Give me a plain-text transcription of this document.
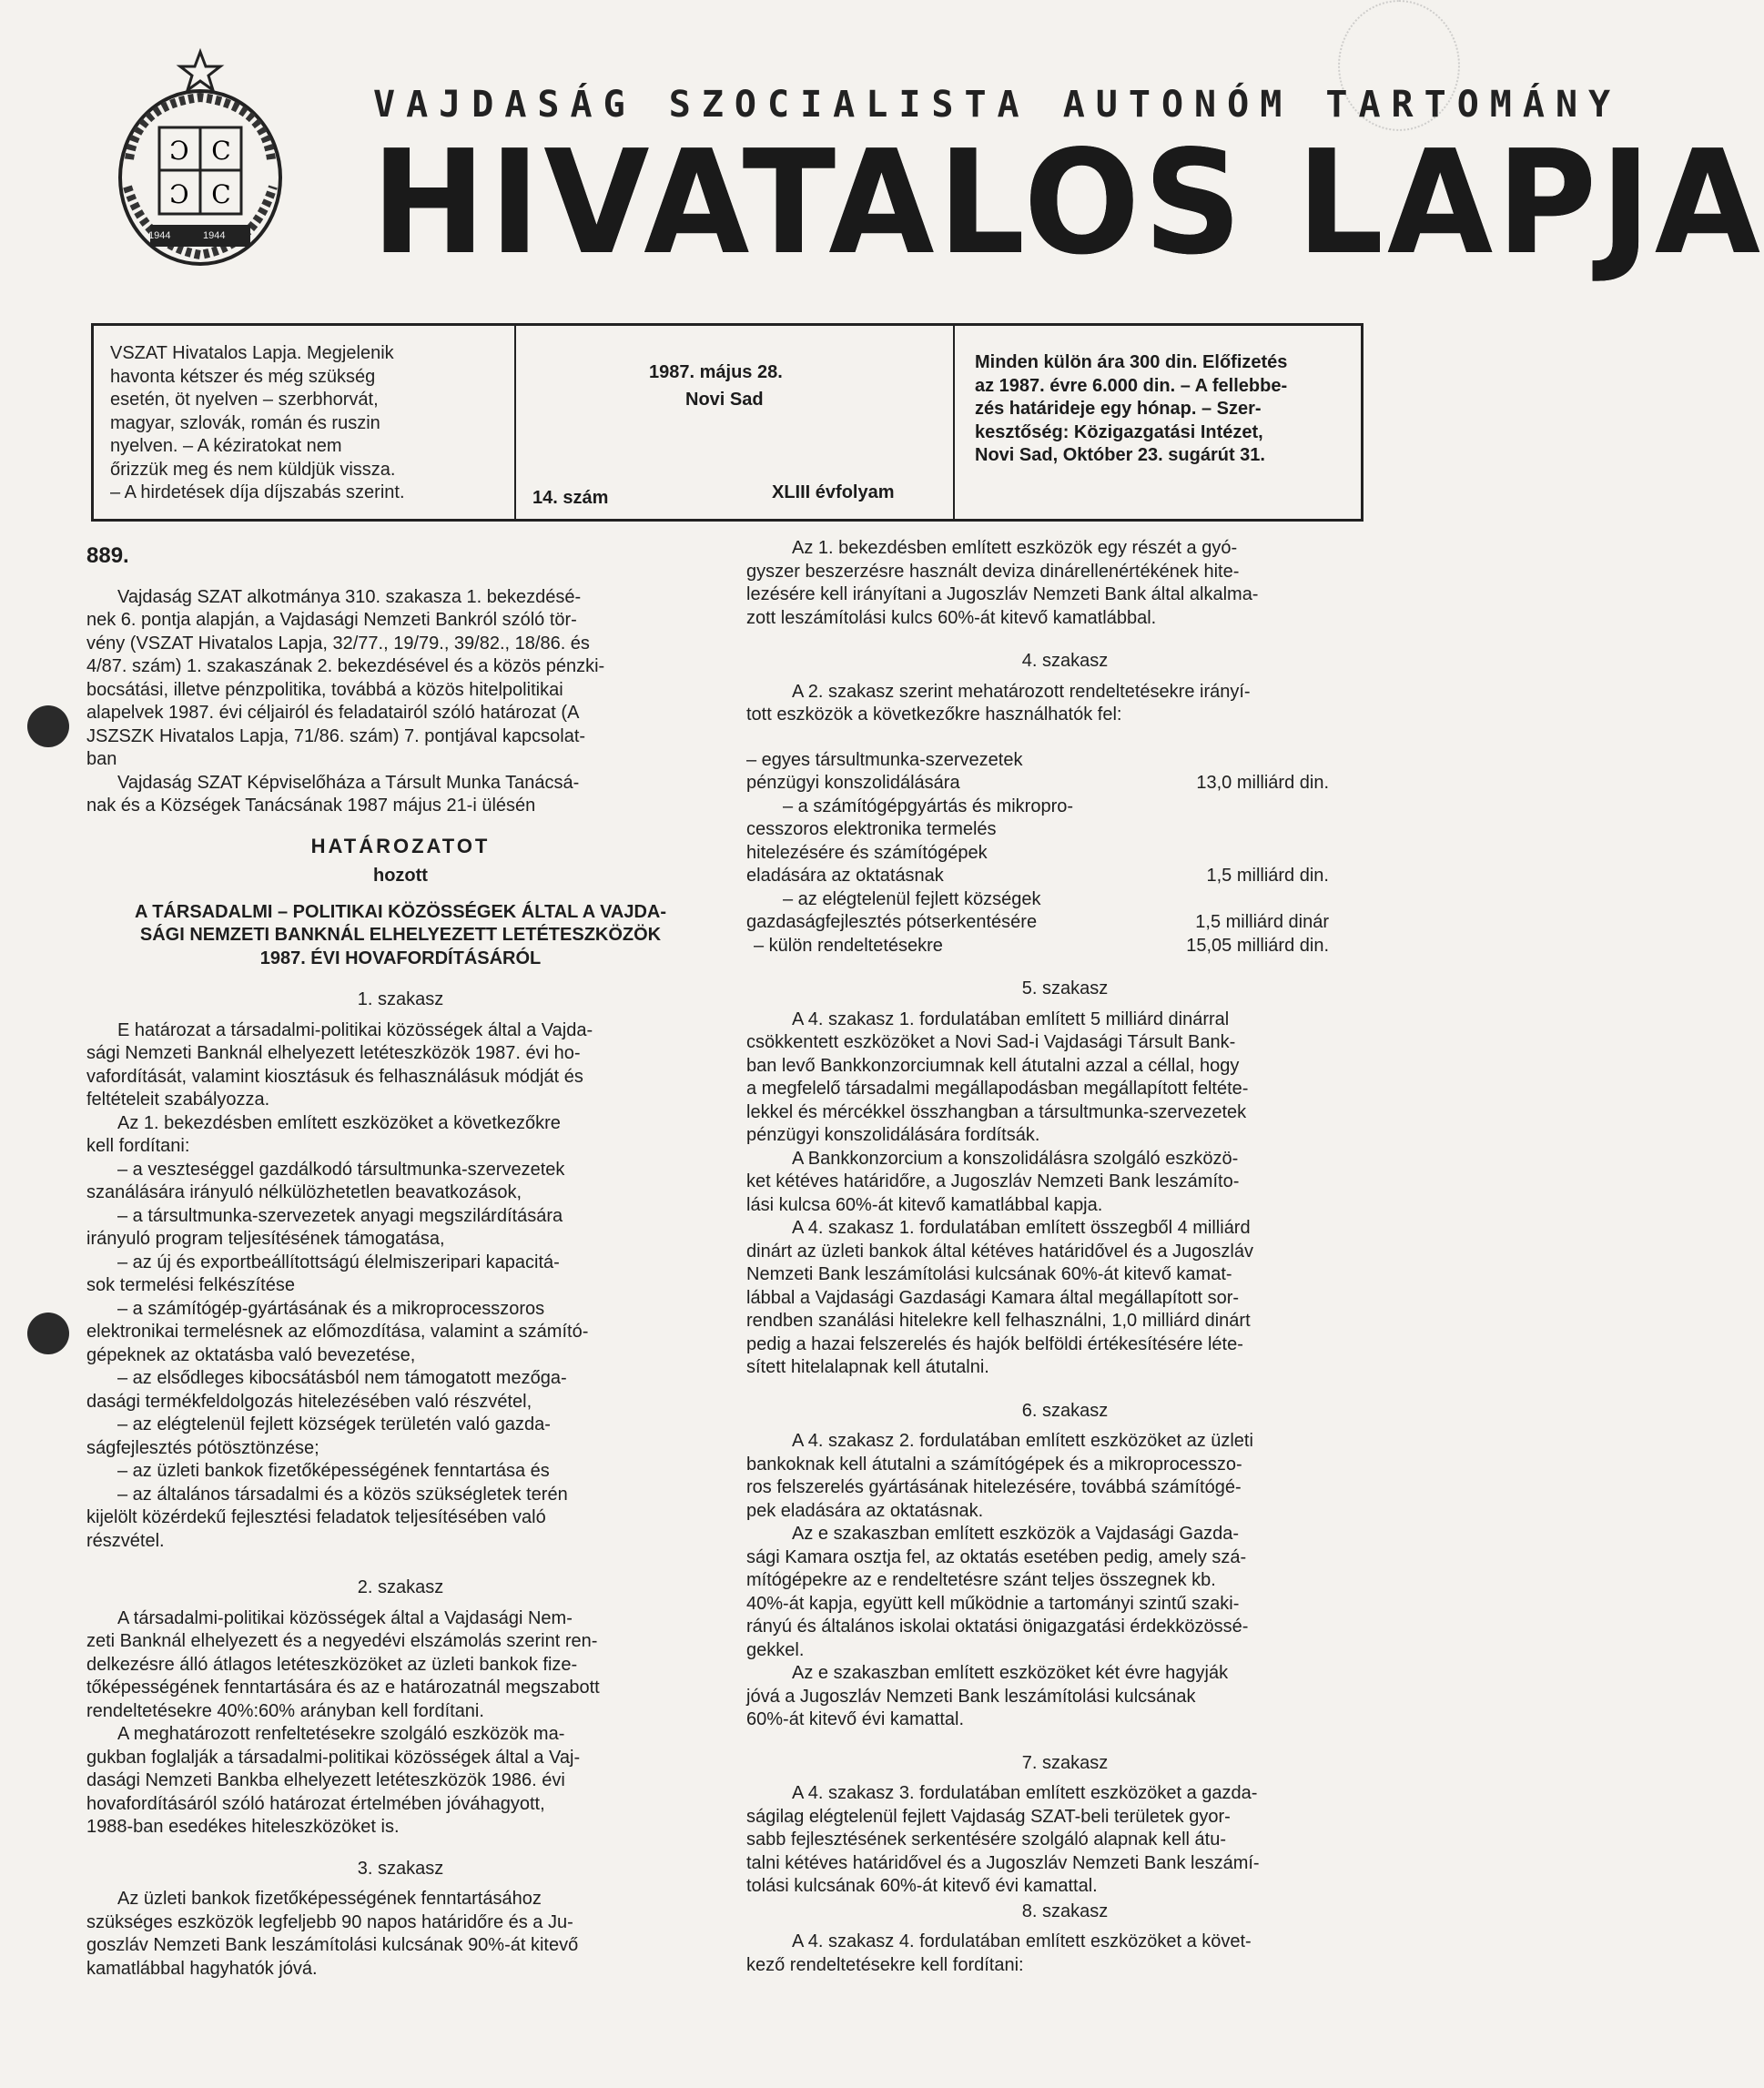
Ɔ C
Ɔ C
1944	1944
VAJDASÁG SZOCIALISTA AUTONÓM TARTOMÁNY
HIVATALOS LAPJA
VSZAT Hivatalos Lapja. Megjelenik
havonta kétszer és még szükség
esetén, öt nyelven – szerbhorvát,
magyar, szlovák, román és ruszin
nyelven. – A kéziratokat nem
őrizzük meg és nem küldjük vissza.
– A hirdetések díja díjszabás szerint.
1987. május 28.
Novi Sad
14. szám	XLIII évfolyam
Minden külön ára 300 din. Előfizetés
az 1987. évre 6.000 din. – A fellebbe-
zés határideje egy hónap. – Szer-
kesztőség: Közigazgatási Intézet,
Novi Sad, Október 23. sugárút 31.
889.
Vajdaság SZAT alkotmánya 310. szakasza 1. bekezdésé-
nek 6. pontja alapján, a Vajdasági Nemzeti Bankról szóló tör-
vény (VSZAT Hivatalos Lapja, 32/77., 19/79., 39/82., 18/86. és
4/87. szám) 1. szakaszának 2. bekezdésével és a közös pénzki-
bocsátási, illetve pénzpolitika, továbbá a közös hitelpolitikai
alapelvek 1987. évi céljairól és feladatairól szóló határozat (A
JSZSZK Hivatalos Lapja, 71/86. szám) 7. pontjával kapcsolat-
ban
Vajdaság SZAT Képviselőháza a Társult Munka Tanácsá-
nak és a Községek Tanácsának 1987 május 21-i ülésén
HATÁROZATOT
hozott
A TÁRSADALMI – POLITIKAI KÖZÖSSÉGEK ÁLTAL A VAJDA-
SÁGI NEMZETI BANKNÁL ELHELYEZETT LETÉTESZKÖZÖK
1987. ÉVI HOVAFORDÍTÁSÁRÓL
1. szakasz
E határozat a társadalmi-politikai közösségek által a Vajda-
sági Nemzeti Banknál elhelyezett letéteszközök 1987. évi ho-
vafordítását, valamint kiosztásuk és felhasználásuk módját és
feltételeit szabályozza.
Az 1. bekezdésben említett eszközöket a következőkre
kell fordítani:
– a veszteséggel gazdálkodó társultmunka-szervezetek
szanálására irányuló nélkülözhetetlen beavatkozások,
– a társultmunka-szervezetek anyagi megszilárdítására
irányuló program teljesítésének támogatása,
– az új és exportbeállítottságú élelmiszeripari kapacitá-
sok termelési felkészítése
– a számítógép-gyártásának és a mikroprocesszoros
elektronikai termelésnek az előmozdítása, valamint a számító-
gépeknek az oktatásba való bevezetése,
– az elsődleges kibocsátásból nem támogatott mezőga-
dasági termékfeldolgozás hitelezésében való részvétel,
– az elégtelenül fejlett községek területén való gazda-
ságfejlesztés pótösztönzése;
– az üzleti bankok fizetőképességének fenntartása és
– az általános társadalmi és a közös szükségletek terén
kijelölt közérdekű fejlesztési feladatok teljesítésében való
részvétel.
2. szakasz
A társadalmi-politikai közösségek által a Vajdasági Nem-
zeti Banknál elhelyezett és a negyedévi elszámolás szerint ren-
delkezésre álló átlagos letéteszközöket az üzleti bankok fize-
tőképességének fenntartására és az e határozatnál megszabott
rendeltetésekre 40%:60% arányban kell fordítani.
A meghatározott renfeltetésekre szolgáló eszközök ma-
gukban foglalják a társadalmi-politikai közösségek által a Vaj-
dasági Nemzeti Bankba elhelyezett letéteszközök 1986. évi
hovafordításáról szóló határozat értelmében jóváhagyott,
1988-ban esedékes hiteleszközöket is.
3. szakasz
Az üzleti bankok fizetőképességének fenntartásához
szükséges eszközök legfeljebb 90 napos határidőre és a Ju-
goszláv Nemzeti Bank leszámítolási kulcsának 90%-át kitevő
kamatlábbal hagyhatók jóvá.
Az 1. bekezdésben említett eszközök egy részét a gyó-
gyszer beszerzésre használt deviza dinárellenértékének hite-
lezésére kell irányítani a Jugoszláv Nemzeti Bank által alkalma-
zott leszámítolási kulcs 60%-át kitevő kamatlábbal.
4. szakasz
A 2. szakasz szerint mehatározott rendeltetésekre irányí-
tott eszközök a következőkre használhatók fel:
– egyes társultmunka-szervezetek
pénzügyi konszolidálására	13,0 milliárd din.
– a számítógépgyártás és mikropro-
cesszoros elektronika termelés
hitelezésére és számítógépek
eladására az oktatásnak	1,5 milliárd din.
– az elégtelenül fejlett községek
gazdaságfejlesztés pótserkentésére	1,5 milliárd dinár
– külön rendeltetésekre	15,05 milliárd din.
5. szakasz
A 4. szakasz 1. fordulatában említett 5 milliárd dinárral
csökkentett eszközöket a Novi Sad-i Vajdasági Társult Bank-
ban levő Bankkonzorciumnak kell átutalni azzal a céllal, hogy
a megfelelő társadalmi megállapodásban megállapított feltéte-
lekkel és mércékkel összhangban a társultmunka-szervezetek
pénzügyi konszolidálására fordítsák.
A Bankkonzorcium a konszolidálásra szolgáló eszközö-
ket kétéves határidőre, a Jugoszláv Nemzeti Bank leszámíto-
lási kulcsa 60%-át kitevő kamatlábbal kapja.
A 4. szakasz 1. fordulatában említett összegből 4 milliárd
dinárt az üzleti bankok által kétéves határidővel és a Jugoszláv
Nemzeti Bank leszámítolási kulcsának 60%-át kitevő kamat-
lábbal a Vajdasági Gazdasági Kamara által megállapított sor-
rendben szanálási hitelekre kell felhasználni, 1,0 milliárd dinárt
pedig a hazai felszerelés és hajók belföldi értékesítésére léte-
sített hitelalapnak kell átutalni.
6. szakasz
A 4. szakasz 2. fordulatában említett eszközöket az üzleti
bankoknak kell átutalni a számítógépek és a mikroprocesszo-
ros felszerelés gyártásának hitelezésére, továbbá számítógé-
pek eladására az oktatásnak.
Az e szakaszban említett eszközök a Vajdasági Gazda-
sági Kamara osztja fel, az oktatás esetében pedig, amely szá-
mítógépekre az e rendeltetésre szánt teljes összegnek kb.
40%-át kapja, együtt kell működnie a tartományi szintű szaki-
rányú és általános iskolai oktatási önigazgatási érdekközössé-
gekkel.
Az e szakaszban említett eszközöket két évre hagyják
jóvá a Jugoszláv Nemzeti Bank leszámítolási kulcsának
60%-át kitevő évi kamattal.
7. szakasz
A 4. szakasz 3. fordulatában említett eszközöket a gazda-
ságilag elégtelenül fejlett Vajdaság SZAT-beli területek gyor-
sabb fejlesztésének serkentésére szolgáló alapnak kell átu-
talni kétéves határidővel és a Jugoszláv Nemzeti Bank leszámí-
tolási kulcsának 60%-át kitevő évi kamattal.
8. szakasz
A 4. szakasz 4. fordulatában említett eszközöket a követ-
kező rendeltetésekre kell fordítani:
